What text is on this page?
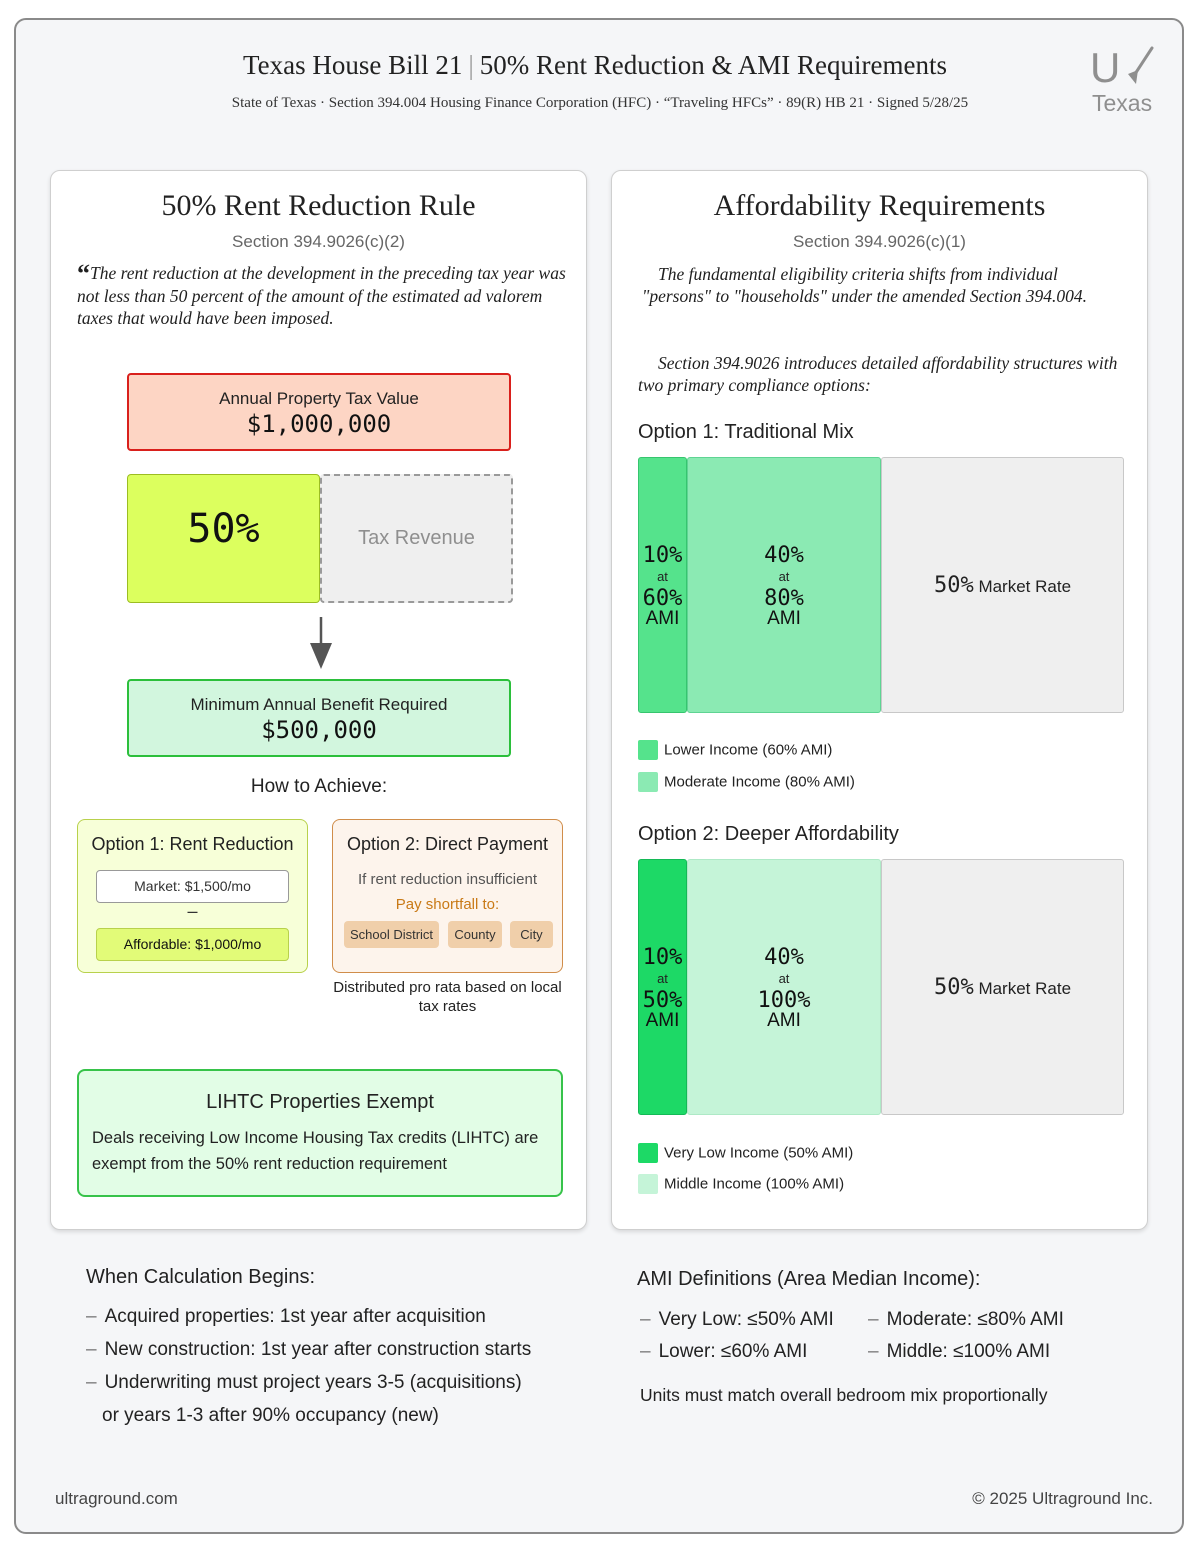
Texas House Bill 21 | 50% Rent Reduction & AMI Requirements
State of Texas · Section 394.004 Housing Finance Corporation (HFC) · “Traveling HFCs” · 89(R) HB 21 · Signed 5/28/25
U
Texas
50% Rent Reduction Rule
Section 394.9026(c)(2)
“The rent reduction at the development in the preceding tax year was not less than 50 percent of the amount of the estimated ad valorem taxes that would have been imposed.
Annual Property Tax Value
$1,000,000
50%	Tax Revenue
Minimum Annual Benefit Required
$500,000
How to Achieve:
Option 1: Rent Reduction
Market: $1,500/mo
–
Affordable: $1,000/mo
Option 2: Direct Payment
If rent reduction insufficient
Pay shortfall to:
School District	County	City
Distributed pro rata based on local tax rates
LIHTC Properties Exempt
Deals receiving Low Income Housing Tax credits (LIHTC) are exempt from the 50% rent reduction requirement
Affordability Requirements
Section 394.9026(c)(1)
The fundamental eligibility criteria shifts from individual "persons" to "households" under the amended Section 394.004.
Section 394.9026 introduces detailed affordability structures with two primary compliance options:
Option 1: Traditional Mix
10%
at
60%
AMI
40%
at
80%
AMI
50% Market Rate
Lower Income (60% AMI)
Moderate Income (80% AMI)
Option 2: Deeper Affordability
10%
at
50%
AMI
40%
at
100%
AMI
50% Market Rate
Very Low Income (50% AMI)
Middle Income (100% AMI)
When Calculation Begins:
– Acquired properties: 1st year after acquisition
– New construction: 1st year after construction starts
– Underwriting must project years 3-5 (acquisitions)
or years 1-3 after 90% occupancy (new)
AMI Definitions (Area Median Income):
– Very Low: ≤50% AMI – Moderate: ≤80% AMI
– Lower: ≤60% AMI	– Middle: ≤100% AMI
Units must match overall bedroom mix proportionally
ultraground.com	© 2025 Ultraground Inc.
